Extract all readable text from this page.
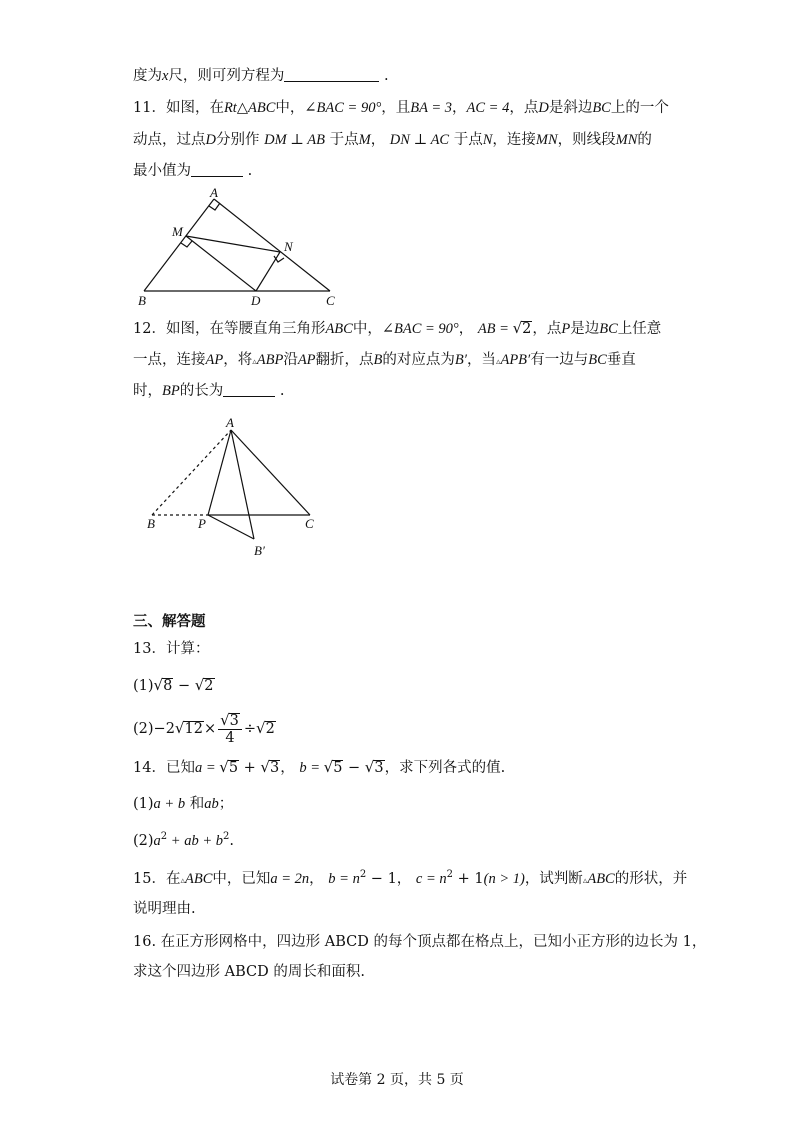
度为x尺，则可列方程为	.
11．如图，在Rt△ABC中，∠BAC = 90°，且BA = 3，AC = 4，点D是斜边BC上的一个
动点，过点D分别作 DM ⊥ AB 于点M， DN ⊥ AC 于点N，连接MN，则线段MN的
最小值为	.
A
M
N
B	D	C
12．如图，在等腰直角三角形ABC中，∠BAC = 90°， AB = √2，点P是边BC上任意
一点，连接AP，将▵ABP沿AP翻折，点B的对应点为B′，当▵APB′有一边与BC垂直
时，BP的长为	.
A
B	P	C
B′
三、解答题
13．计算：
(1)√8 − √2
$(2)-2√12\times \frac{√3}{4} \div√2$
14．已知a = √5 + √3， b = √5 − √3，求下列各式的值.
(1)a + b 和ab；
$(2)a^2$ + ab + $b^2$.
15．在▵ABC中，已知a = 2n， $b = n^2 - 1$， $c = n^2 + 1(n > 1)$，试判断▵ABC的形状，并
说明理由.
16. 在正方形网格中，四边形 ABCD 的每个顶点都在格点上，已知小正方形的边长为 1，
求这个四边形 ABCD 的周长和面积.
试卷第 2 页，共 5 页
